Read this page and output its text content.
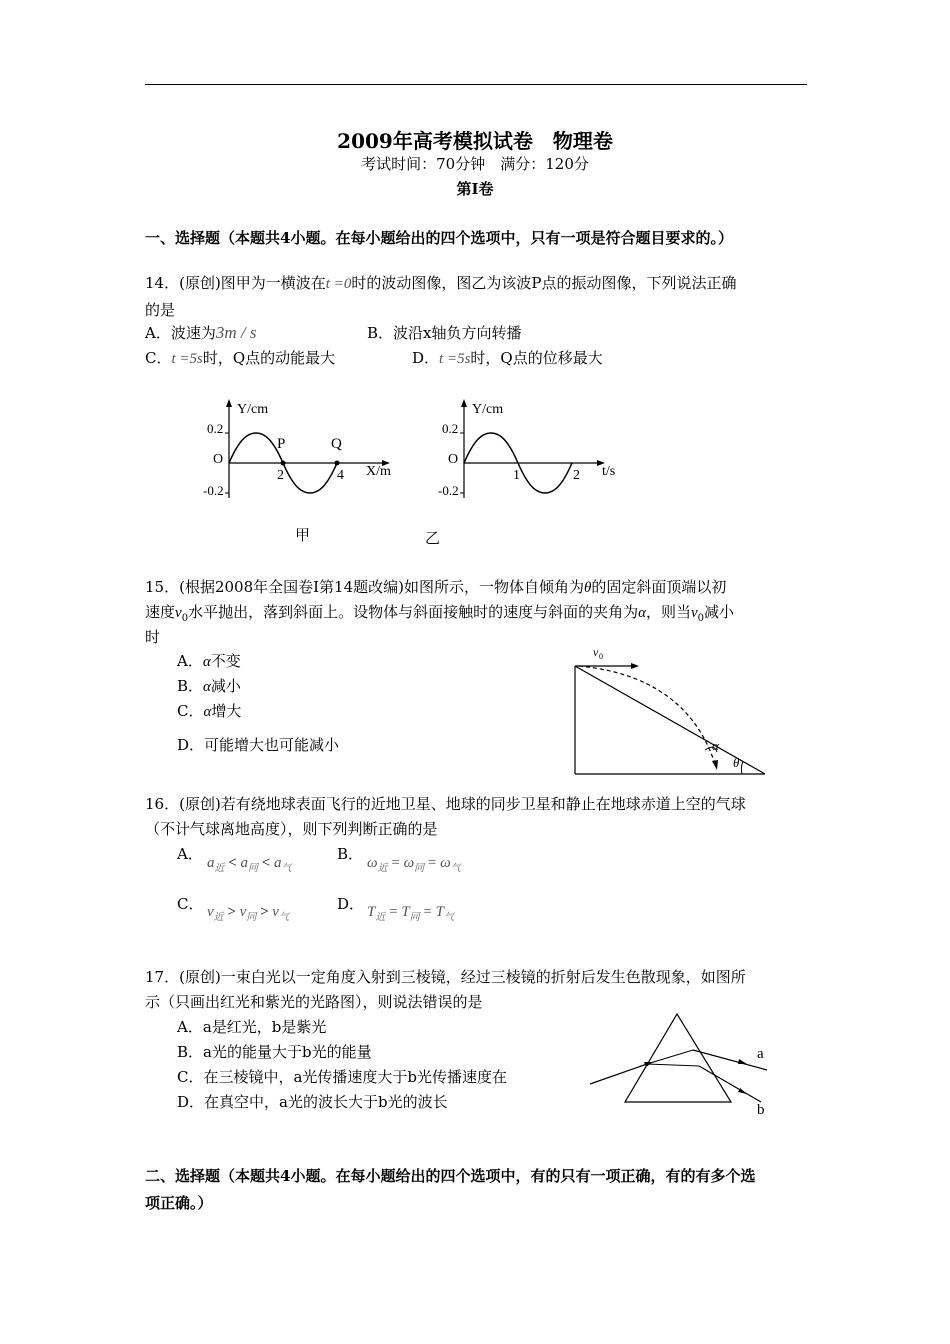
2009年高考模拟试卷　物理卷
考试时间：70分钟　满分：120分
第Ⅰ卷
一、选择题（本题共4小题。在每小题给出的四个选项中，只有一项是符合题目要求的。）
14．(原创)图甲为一横波在t =0时的波动图像，图乙为该波P点的振动图像，下列说法正确
的是
A．波速为3m / s	B．波沿x轴负方向转播
C．t =5s时，Q点的动能最大	D．t =5s时，Q点的位移最大
Y/cm
0.2
O
-0.2
2	4
P	Q
X/m
甲
Y/cm
0.2
O
-0.2
1	2 t/s
乙
15．(根据2008年全国卷Ⅰ第14题改编)如图所示，一物体自倾角为θ的固定斜面顶端以初
速度$v_0$水平抛出，落到斜面上。设物体与斜面接触时的速度与斜面的夹角为α，则当$v_0$减小
时
A．α不变
B．α减小
C．α增大
D．可能增大也可能减小
v 0
α
θ
16．(原创)若有绕地球表面飞行的近地卫星、地球的同步卫星和静止在地球赤道上空的气球
（不计气球离地高度），则下列判断正确的是
A． $a_近 < a_同 < a_气$
B． $\omega_近 = \omega_同 = \omega_气$
C． $v_近 > v_同 > v_气$
D． $T_近 = T_同 = T_气$
17．(原创)一束白光以一定角度入射到三棱镜，经过三棱镜的折射后发生色散现象，如图所
示（只画出红光和紫光的光路图），则说法错误的是
A．a是红光，b是紫光
B．a光的能量大于b光的能量
C．在三棱镜中，a光传播速度大于b光传播速度在
D．在真空中，a光的波长大于b光的波长
a
b
二、选择题（本题共4小题。在每小题给出的四个选项中，有的只有一项正确，有的有多个选
项正确。）
